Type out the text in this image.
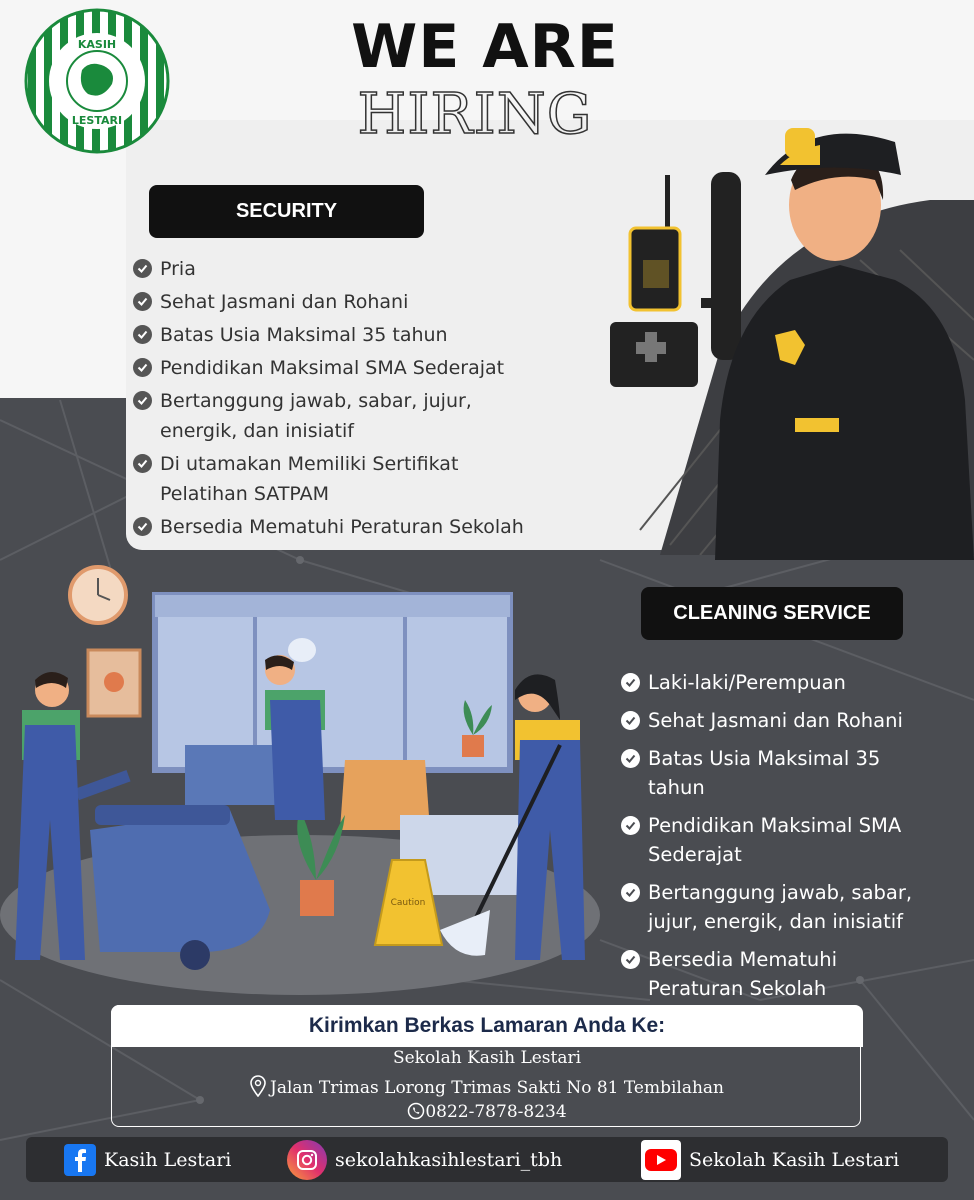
KASIH
LESTARI
WE ARE
HIRING
SECURITY
Pria
Sehat Jasmani dan Rohani
Batas Usia Maksimal 35 tahun
Pendidikan Maksimal SMA Sederajat
Bertanggung jawab, sabar, jujur, energik, dan inisiatif
Di utamakan Memiliki Sertifikat Pelatihan SATPAM
Bersedia Mematuhi Peraturan Sekolah
CLEANING SERVICE
Caution
Laki-laki/Perempuan
Sehat Jasmani dan Rohani
Batas Usia Maksimal 35 tahun
Pendidikan Maksimal SMA Sederajat
Bertanggung jawab, sabar, jujur, energik, dan inisiatif
Bersedia Mematuhi Peraturan Sekolah
Kirimkan Berkas Lamaran Anda Ke:
Sekolah Kasih Lestari
Jalan Trimas Lorong Trimas Sakti No 81 Tembilahan
0822-7878-8234
Kasih Lestari	sekolahkasihlestari_tbh	Sekolah Kasih Lestari
